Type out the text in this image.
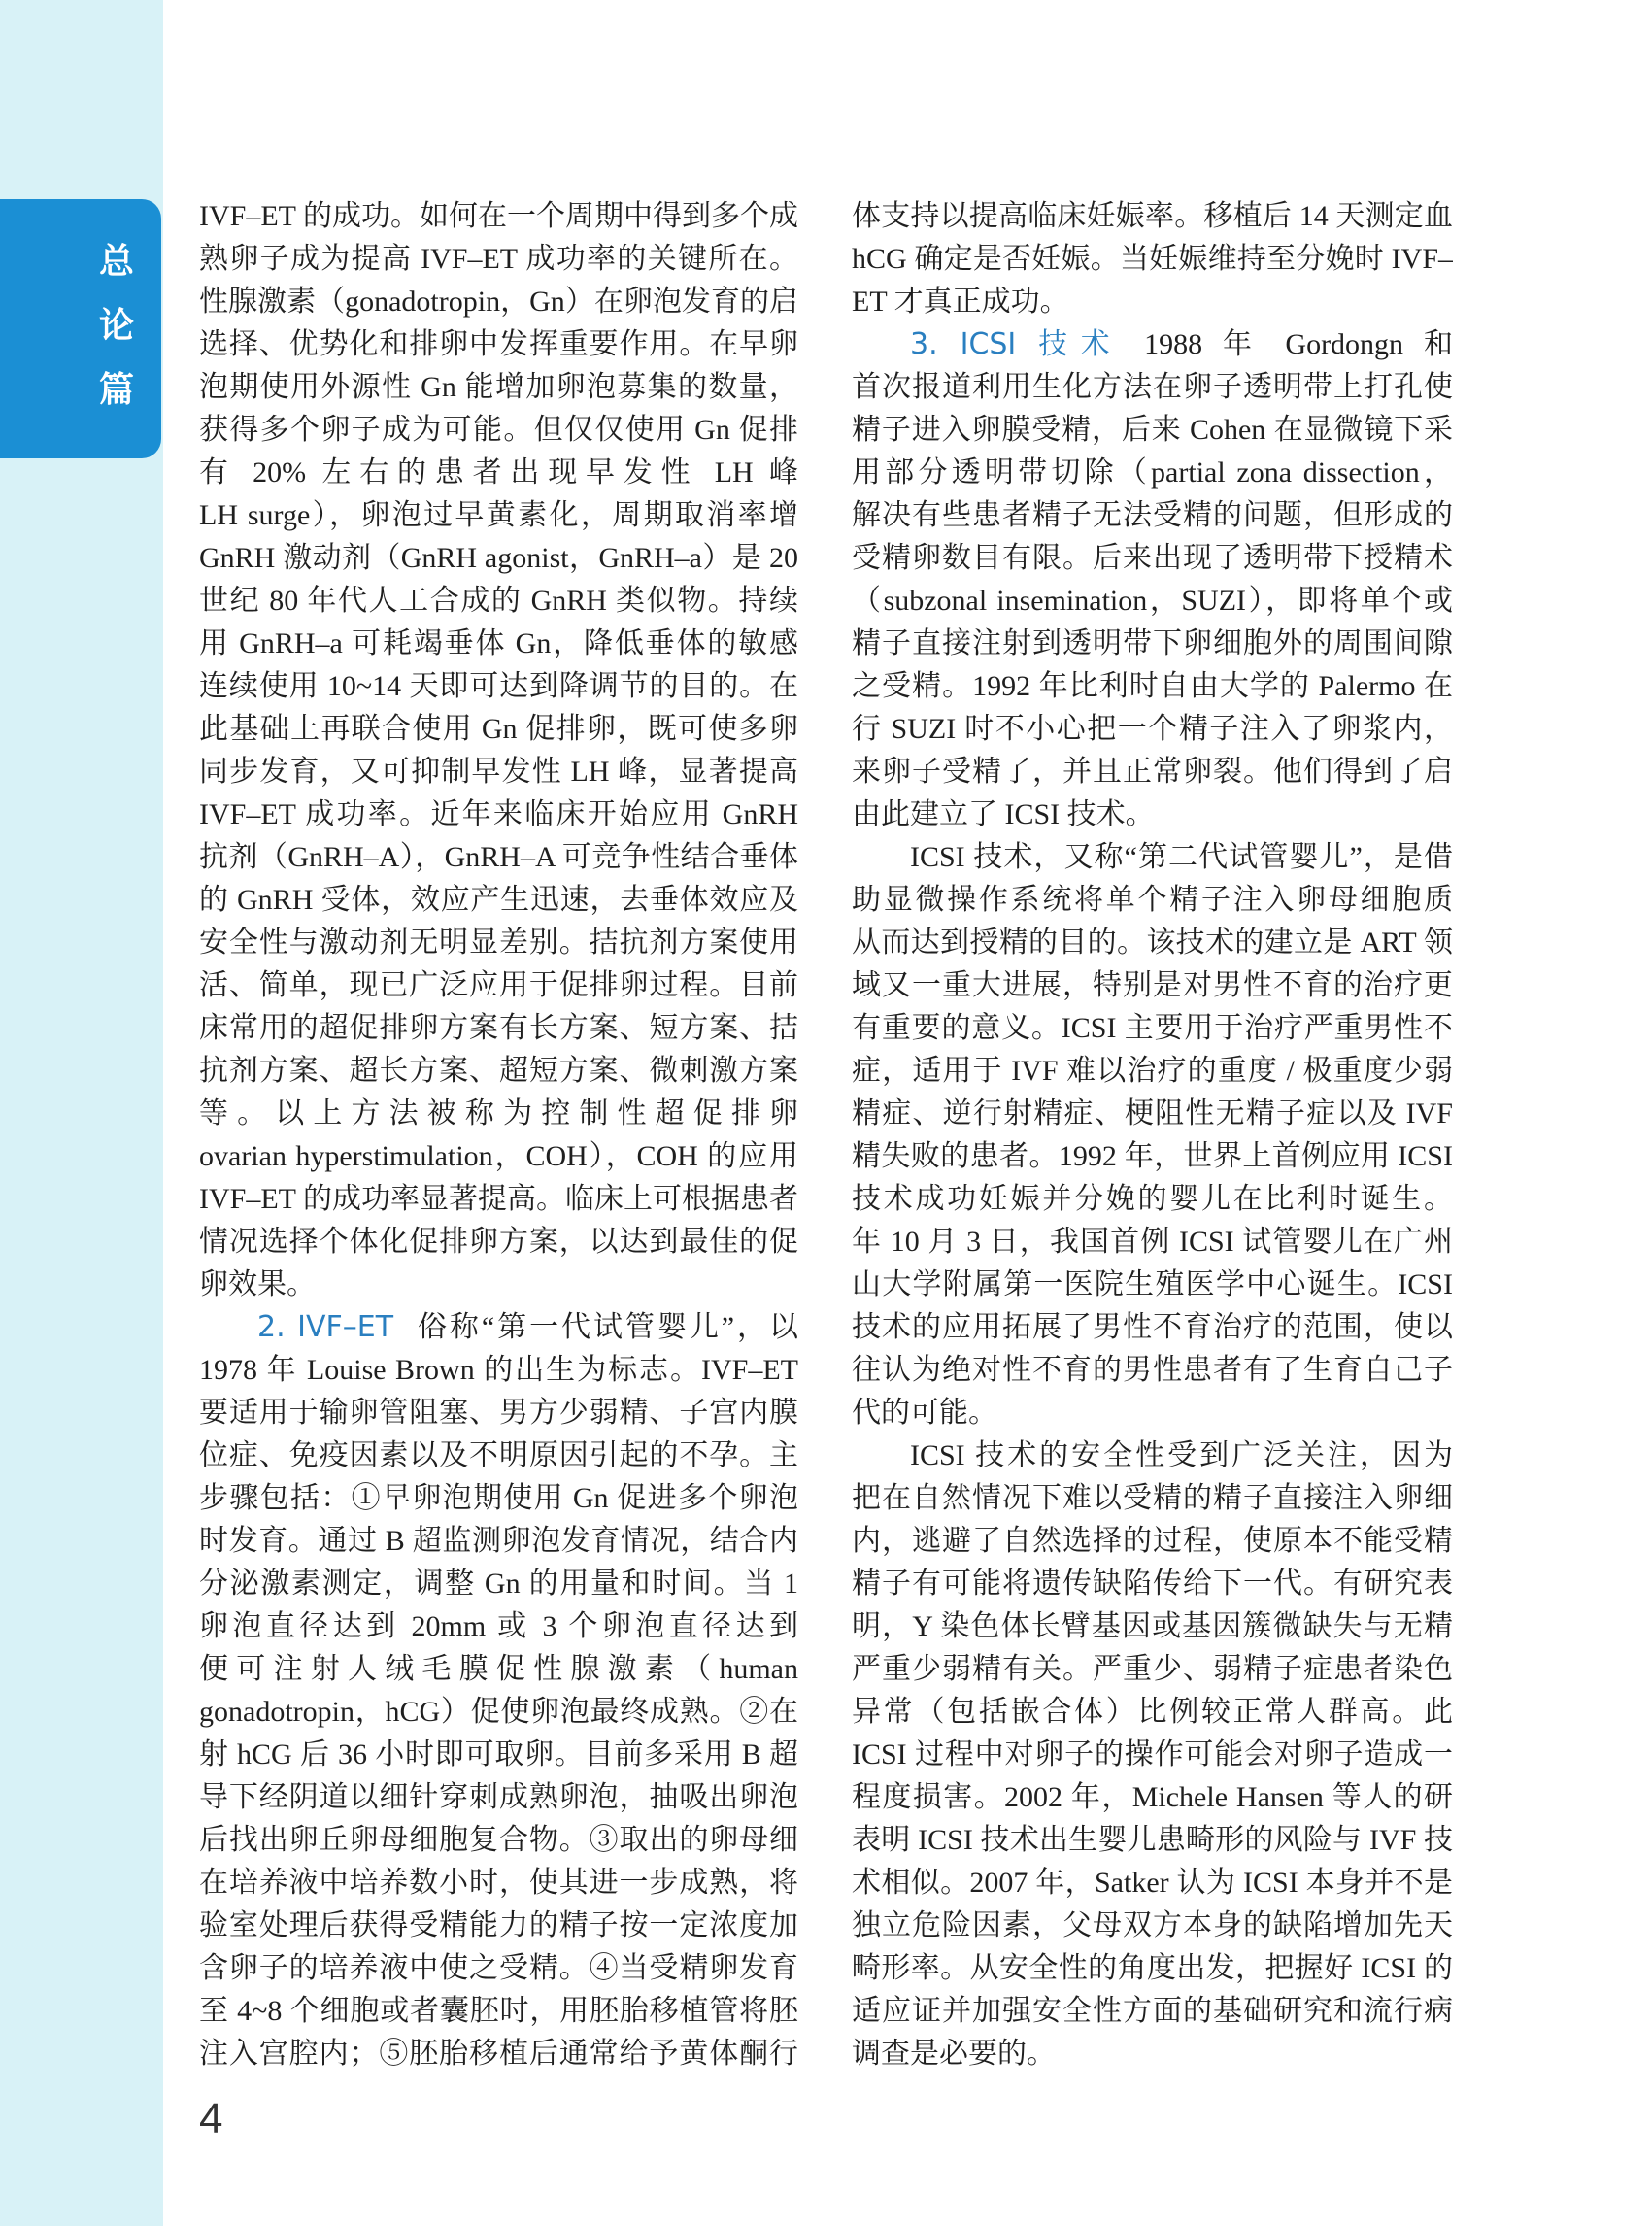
总
论
篇
IVF–ET 的成功。如何在一个周期中得到多个成
熟卵子成为提高 IVF–ET 成功率的关键所在。
性腺激素（gonadotropin，Gn）在卵泡发育的启
选择、优势化和排卵中发挥重要作用。在早卵
泡期使用外源性 Gn 能增加卵泡募集的数量，
获得多个卵子成为可能。但仅仅使用 Gn 促排
有 20% 左右的患者出现早发性 LH 峰
LH surge），卵泡过早黄素化，周期取消率增
GnRH 激动剂（GnRH agonist，GnRH–a）是 20
世纪 80 年代人工合成的 GnRH 类似物。持续
用 GnRH–a 可耗竭垂体 Gn，降低垂体的敏感
连续使用 10~14 天即可达到降调节的目的。在
此基础上再联合使用 Gn 促排卵，既可使多卵
同步发育，又可抑制早发性 LH 峰，显著提高
IVF–ET 成功率。近年来临床开始应用 GnRH
抗剂（GnRH–A），GnRH–A 可竞争性结合垂体
的 GnRH 受体，效应产生迅速，去垂体效应及
安全性与激动剂无明显差别。拮抗剂方案使用
活、简单，现已广泛应用于促排卵过程。目前
床常用的超促排卵方案有长方案、短方案、拮
抗剂方案、超长方案、超短方案、微刺激方案
等。以上方法被称为控制性超促排卵
ovarian hyperstimulation，COH），COH 的应用
IVF–ET 的成功率显著提高。临床上可根据患者
情况选择个体化促排卵方案，以达到最佳的促
卵效果。
2. IVF–ET 俗称“第一代试管婴儿”，以
1978 年 Louise Brown 的出生为标志。IVF–ET
要适用于输卵管阻塞、男方少弱精、子宫内膜
位症、免疫因素以及不明原因引起的不孕。主
步骤包括：①早卵泡期使用 Gn 促进多个卵泡
时发育。通过 B 超监测卵泡发育情况，结合内
分泌激素测定，调整 Gn 的用量和时间。当 1
卵泡直径达到 20mm 或 3 个卵泡直径达到
便可注射人绒毛膜促性腺激素（human
gonadotropin，hCG）促使卵泡最终成熟。②在
射 hCG 后 36 小时即可取卵。目前多采用 B 超
导下经阴道以细针穿刺成熟卵泡，抽吸出卵泡
后找出卵丘卵母细胞复合物。③取出的卵母细
在培养液中培养数小时，使其进一步成熟，将
验室处理后获得受精能力的精子按一定浓度加
含卵子的培养液中使之受精。④当受精卵发育
至 4~8 个细胞或者囊胚时，用胚胎移植管将胚
注入宫腔内；⑤胚胎移植后通常给予黄体酮行
体支持以提高临床妊娠率。移植后 14 天测定血
hCG 确定是否妊娠。当妊娠维持至分娩时 IVF–
ET 才真正成功。
3. ICSI 技术 1988 年 Gordongn 和
首次报道利用生化方法在卵子透明带上打孔使
精子进入卵膜受精，后来 Cohen 在显微镜下采
用部分透明带切除（partial zona dissection，
解决有些患者精子无法受精的问题，但形成的
受精卵数目有限。后来出现了透明带下授精术
（subzonal insemination，SUZI），即将单个或
精子直接注射到透明带下卵细胞外的周围间隙
之受精。1992 年比利时自由大学的 Palermo 在
行 SUZI 时不小心把一个精子注入了卵浆内，
来卵子受精了，并且正常卵裂。他们得到了启
由此建立了 ICSI 技术。
ICSI 技术，又称“第二代试管婴儿”，是借
助显微操作系统将单个精子注入卵母细胞质
从而达到授精的目的。该技术的建立是 ART 领
域又一重大进展，特别是对男性不育的治疗更
有重要的意义。ICSI 主要用于治疗严重男性不
症，适用于 IVF 难以治疗的重度 / 极重度少弱
精症、逆行射精症、梗阻性无精子症以及 IVF
精失败的患者。1992 年，世界上首例应用 ICSI
技术成功妊娠并分娩的婴儿在比利时诞生。
年 10 月 3 日，我国首例 ICSI 试管婴儿在广州
山大学附属第一医院生殖医学中心诞生。ICSI
技术的应用拓展了男性不育治疗的范围，使以
往认为绝对性不育的男性患者有了生育自己子
代的可能。
ICSI 技术的安全性受到广泛关注，因为
把在自然情况下难以受精的精子直接注入卵细
内，逃避了自然选择的过程，使原本不能受精
精子有可能将遗传缺陷传给下一代。有研究表
明，Y 染色体长臂基因或基因簇微缺失与无精
严重少弱精有关。严重少、弱精子症患者染色
异常（包括嵌合体）比例较正常人群高。此
ICSI 过程中对卵子的操作可能会对卵子造成一
程度损害。2002 年，Michele Hansen 等人的研
表明 ICSI 技术出生婴儿患畸形的风险与 IVF 技
术相似。2007 年，Satker 认为 ICSI 本身并不是
独立危险因素，父母双方本身的缺陷增加先天
畸形率。从安全性的角度出发，把握好 ICSI 的
适应证并加强安全性方面的基础研究和流行病
调查是必要的。
4
